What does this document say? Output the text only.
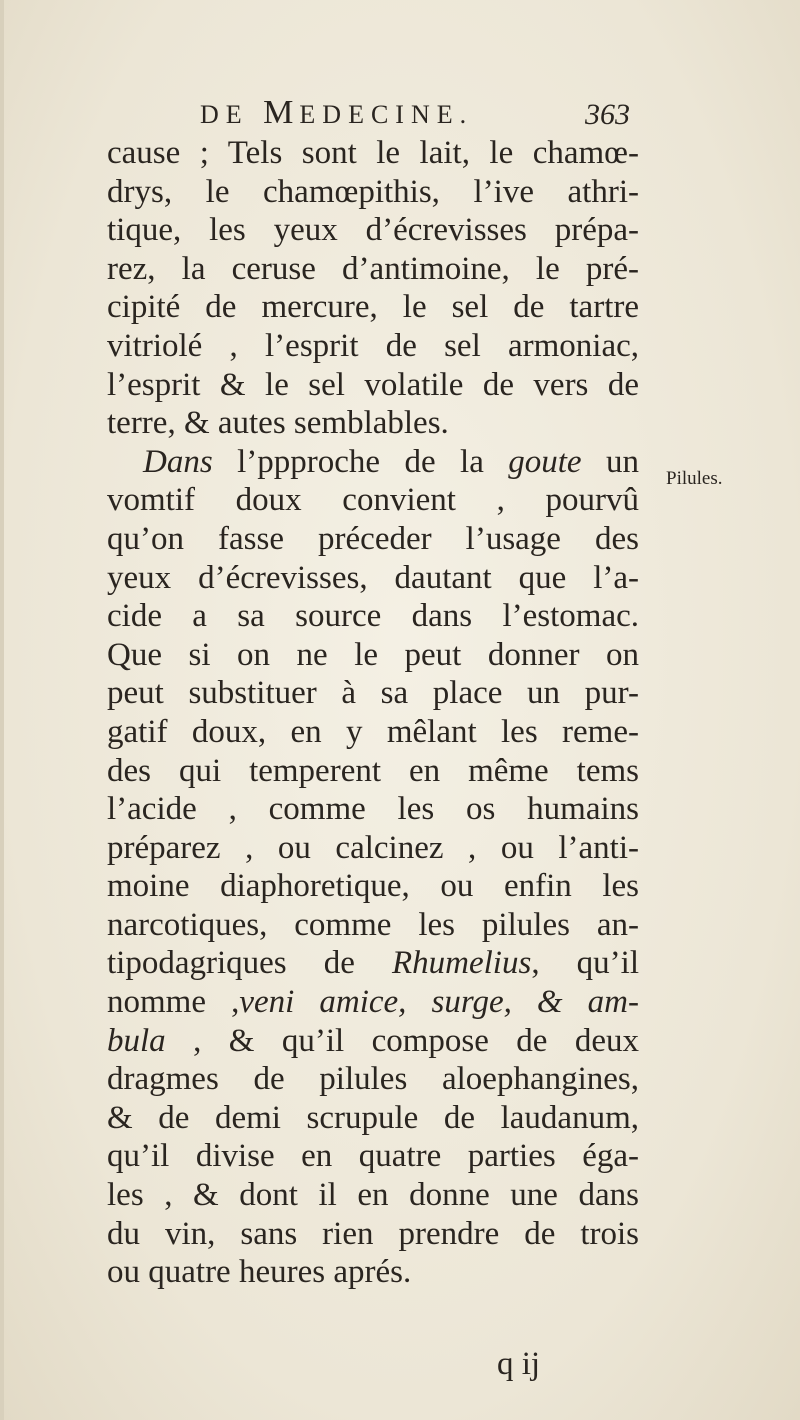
DE MEDECINE.	363
cause ; Tels sont le lait, le chamœ-
drys, le chamœpithis, l’ive athri-
tique, les yeux d’écrevisses prépa-
rez, la ceruse d’antimoine, le pré-
cipité de mercure, le sel de tartre
vitriolé , l’esprit de sel armoniac,
l’esprit & le sel volatile de vers de
terre, & autes semblables.
Dans l’ppproche de la goute un
vomtif doux convient , pourvû
qu’on fasse préceder l’usage des
yeux d’écrevisses, dautant que l’a-
cide a sa source dans l’estomac.
Que si on ne le peut donner on
peut substituer à sa place un pur-
gatif doux, en y mêlant les reme-
des qui temperent en même tems
l’acide , comme les os humains
préparez , ou calcinez , ou l’anti-
moine diaphoretique, ou enfin les
narcotiques, comme les pilules an-
tipodagriques de Rhumelius, qu’il
nomme ,veni amice, surge, & am-
bula , & qu’il compose de deux
dragmes de pilules aloephangines,
& de demi scrupule de laudanum,
qu’il divise en quatre parties éga-
les , & dont il en donne une dans
du vin, sans rien prendre de trois
ou quatre heures aprés.
Pilules.
q ij
